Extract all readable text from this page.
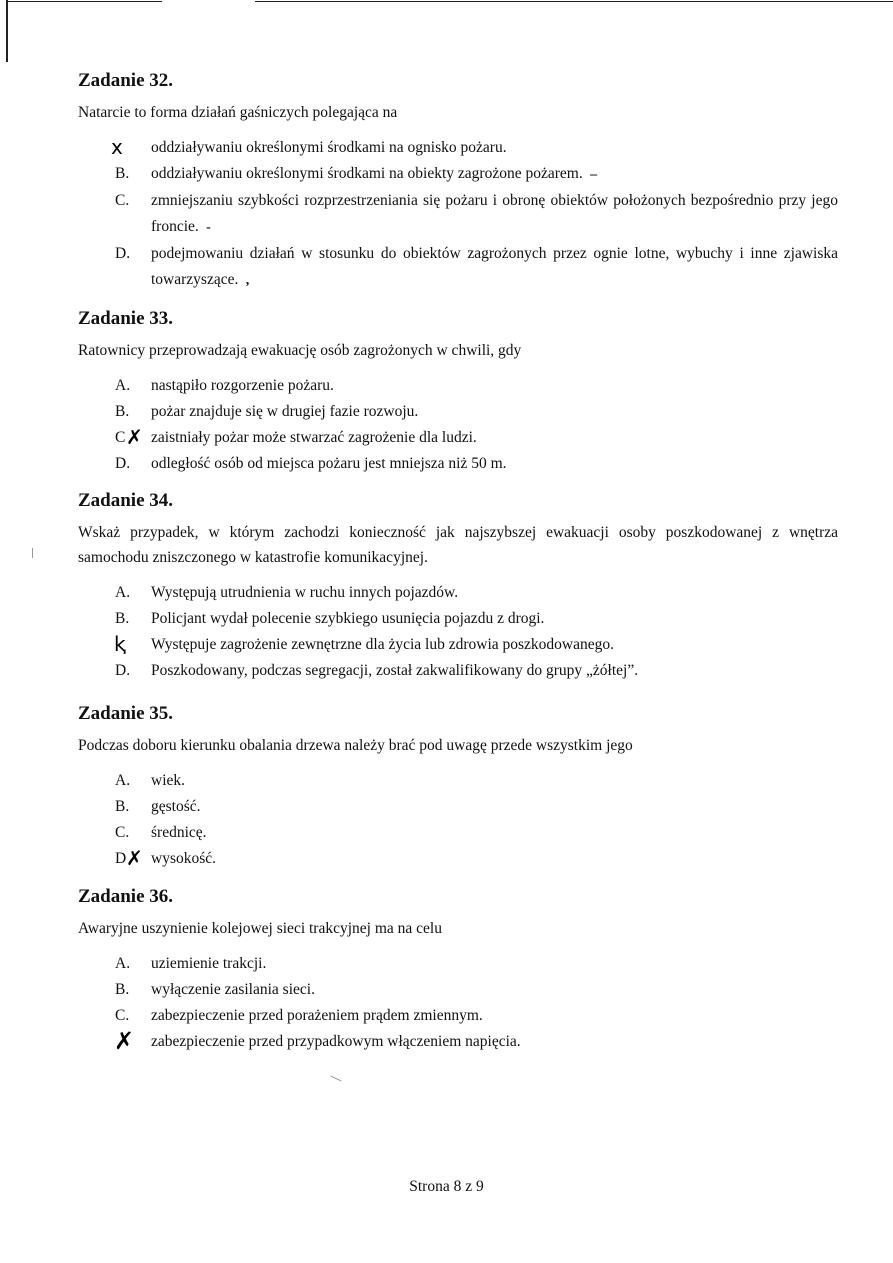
Zadanie 32.

Natarcie to forma działań gaśniczych polegająca na

ⅹ oddziaływaniu określonymi środkami na ognisko pożaru.
B.	oddziaływaniu określonymi środkami na obiekty zagrożone pożarem.  –
C.	zmniejszaniu szybkości rozprzestrzeniania się pożaru i obronę obiektów położonych bezpośrednio przy jego froncie.  -
D.	podejmowaniu działań w stosunku do obiektów zagrożonych przez ognie lotne, wybuchy i inne zjawiska towarzyszące.  ,
Zadanie 33.

Ratownicy przeprowadzają ewakuację osób zagrożonych w chwili, gdy

A.	nastąpiło rozgorzenie pożaru.
B.	pożar znajduje się w drugiej fazie rozwoju.
C ✗ zaistniały pożar może stwarzać zagrożenie dla ludzi.
D.	odległość osób od miejsca pożaru jest mniejsza niż 50 m.
Zadanie 34.

Wskaż przypadek, w którym zachodzi konieczność jak najszybszej ewakuacji osoby poszkodowanej z wnętrza samochodu zniszczonego w katastrofie komunikacyjnej.

A.	Występują utrudnienia w ruchu innych pojazdów.
B.	Policjant wydał polecenie szybkiego usunięcia pojazdu z drogi.
ⱪ Występuje zagrożenie zewnętrzne dla życia lub zdrowia poszkodowanego.
D.	Poszkodowany, podczas segregacji, został zakwalifikowany do grupy „żółtej”.
Zadanie 35.

Podczas doboru kierunku obalania drzewa należy brać pod uwagę przede wszystkim jego

A.	wiek.
B.	gęstość.
C.	średnicę.
D ✗ wysokość.
Zadanie 36.

Awaryjne uszynienie kolejowej sieci trakcyjnej ma na celu

A.	uziemienie trakcji.
B.	wyłączenie zasilania sieci.
C.	zabezpieczenie przed porażeniem prądem zmiennym.
✗ zabezpieczenie przed przypadkowym włączeniem napięcia.
Strona 8 z 9
